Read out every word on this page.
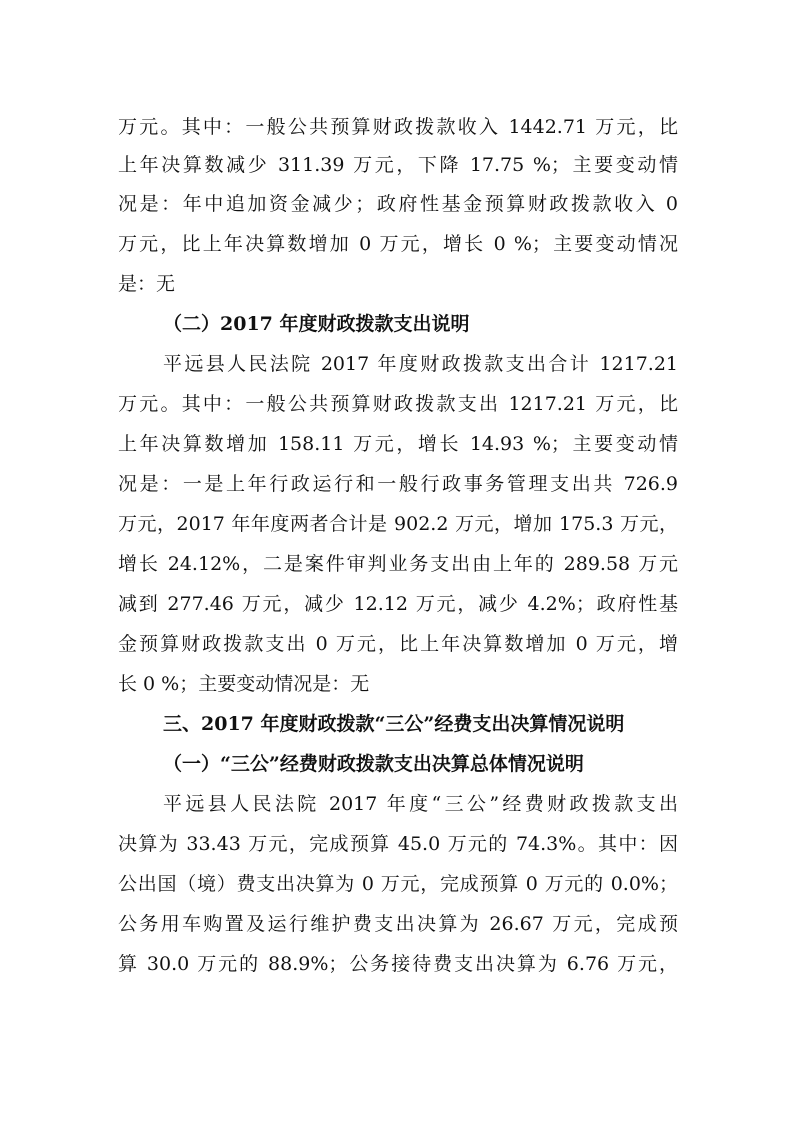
万元。其中：一般公共预算财政拨款收入 1442.71 万元，比
上年决算数减少 311.39 万元，下降 17.75 %；主要变动情
况是：年中追加资金减少；政府性基金预算财政拨款收入 0
万元，比上年决算数增加 0 万元，增长 0 %；主要变动情况
是：无
（二）2017 年度财政拨款支出说明
平远县人民法院 2017 年度财政拨款支出合计 1217.21
万元。其中：一般公共预算财政拨款支出 1217.21 万元，比
上年决算数增加 158.11 万元，增长 14.93 %；主要变动情
况是：一是上年行政运行和一般行政事务管理支出共 726.9
万元，2017 年年度两者合计是 902.2 万元，增加 175.3 万元，
增长 24.12%，二是案件审判业务支出由上年的 289.58 万元
减到 277.46 万元，减少 12.12 万元，减少 4.2%；政府性基
金预算财政拨款支出 0 万元，比上年决算数增加 0 万元，增
长 0 %；主要变动情况是：无
三、2017 年度财政拨款“三公”经费支出决算情况说明
（一）“三公”经费财政拨款支出决算总体情况说明
平远县人民法院 2017 年度“三公”经费财政拨款支出
决算为 33.43 万元，完成预算 45.0 万元的 74.3%。其中：因
公出国（境）费支出决算为 0 万元，完成预算 0 万元的 0.0%；
公务用车购置及运行维护费支出决算为 26.67 万元，完成预
算 30.0 万元的 88.9%；公务接待费支出决算为 6.76 万元，
